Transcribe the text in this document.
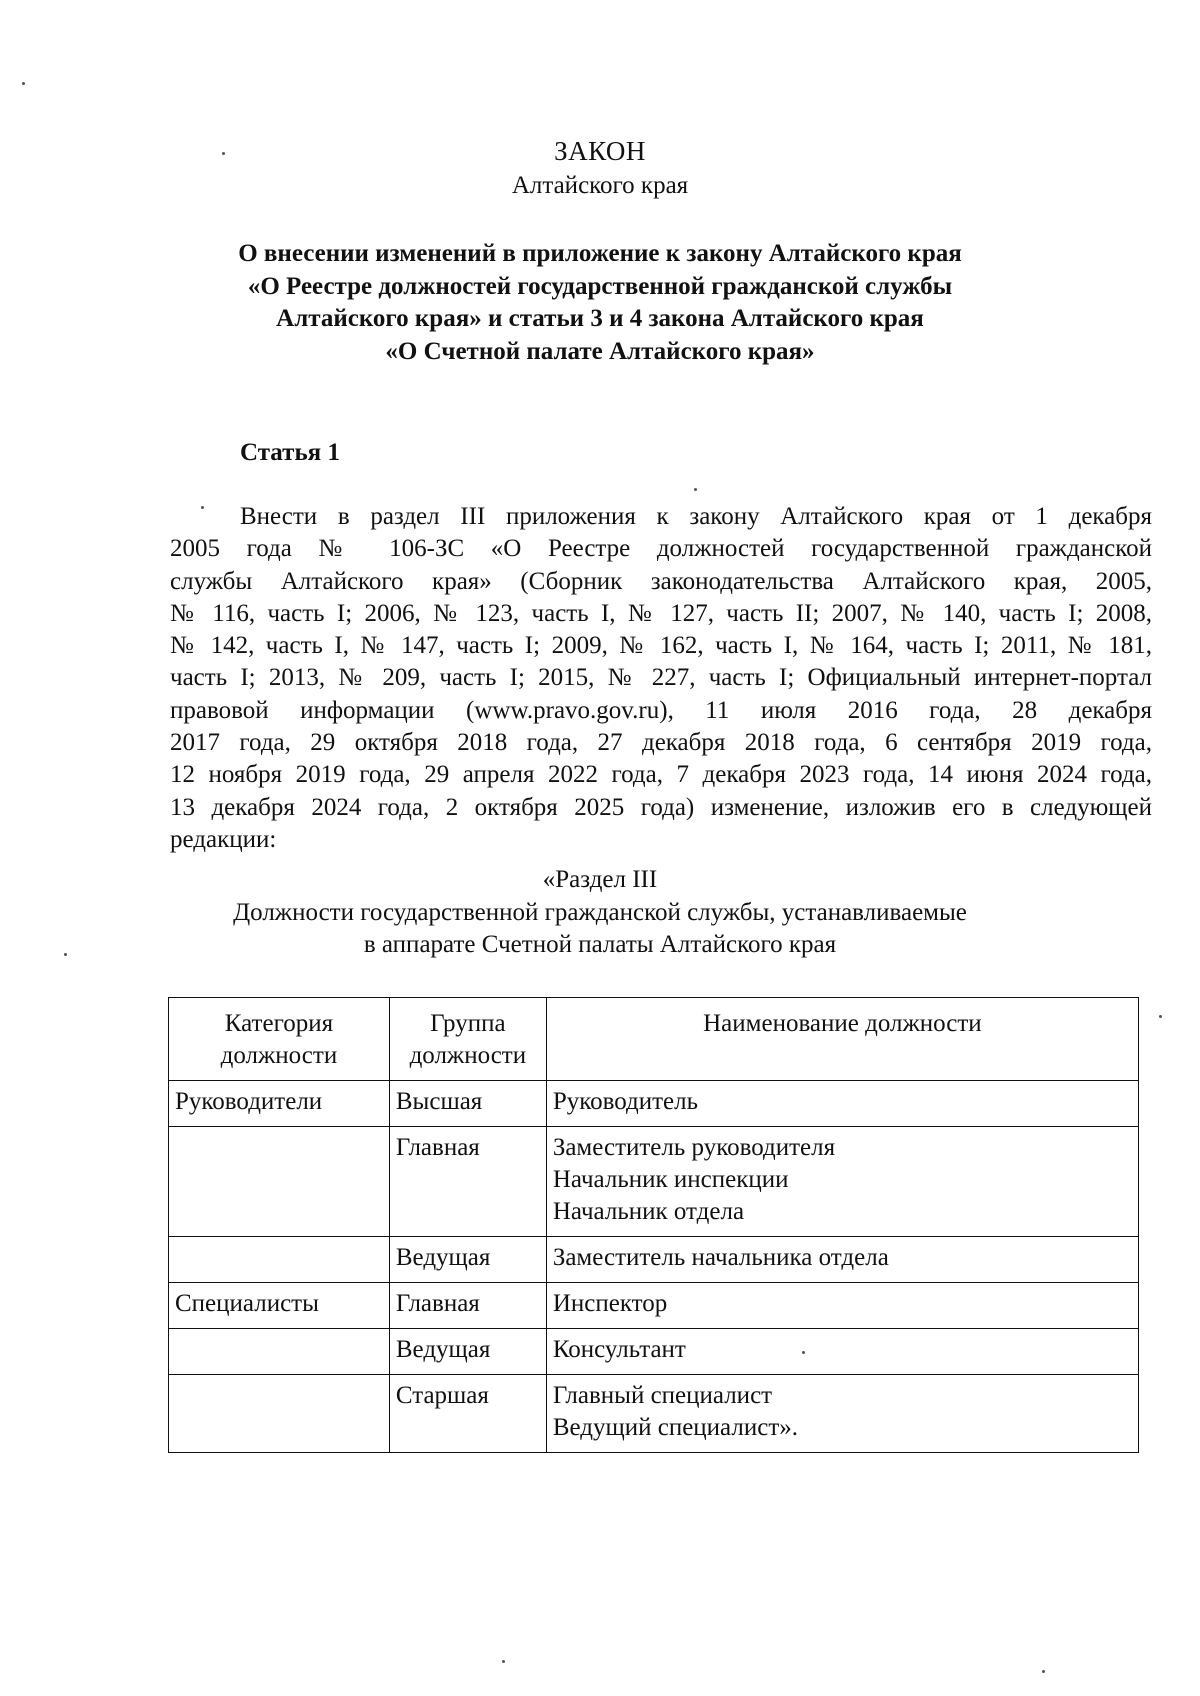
ЗАКОН
Алтайского края
О внесении изменений в приложение к закону Алтайского края
«О Реестре должностей государственной гражданской службы
Алтайского края» и статьи 3 и 4 закона Алтайского края
«О Счетной палате Алтайского края»
Статья 1
Внести в раздел III приложения к закону Алтайского края от 1 декабря
2005 года № 106-ЗС «О Реестре должностей государственной гражданской
службы Алтайского края» (Сборник законодательства Алтайского края, 2005,
№ 116, часть I; 2006, № 123, часть I, № 127, часть II; 2007, № 140, часть I; 2008,
№ 142, часть I, № 147, часть I; 2009, № 162, часть I, № 164, часть I; 2011, № 181,
часть I; 2013, № 209, часть I; 2015, № 227, часть I; Официальный интернет-портал
правовой информации (www.pravo.gov.ru), 11 июля 2016 года, 28 декабря
2017 года, 29 октября 2018 года, 27 декабря 2018 года, 6 сентября 2019 года,
12 ноября 2019 года, 29 апреля 2022 года, 7 декабря 2023 года, 14 июня 2024 года,
13 декабря 2024 года, 2 октября 2025 года) изменение, изложив его в следующей
редакции:
«Раздел III
Должности государственной гражданской службы, устанавливаемые
в аппарате Счетной палаты Алтайского края
Категория должности	Группа должности	Наименование должности
Руководители	Высшая	Руководитель

	Главная	Заместитель руководителя
Начальник инспекции
Начальник отдела

	Ведущая	Заместитель начальника отдела

Специалисты	Главная	Инспектор

	Ведущая	Консультант

	Старшая	Главный специалист
Ведущий специалист».
